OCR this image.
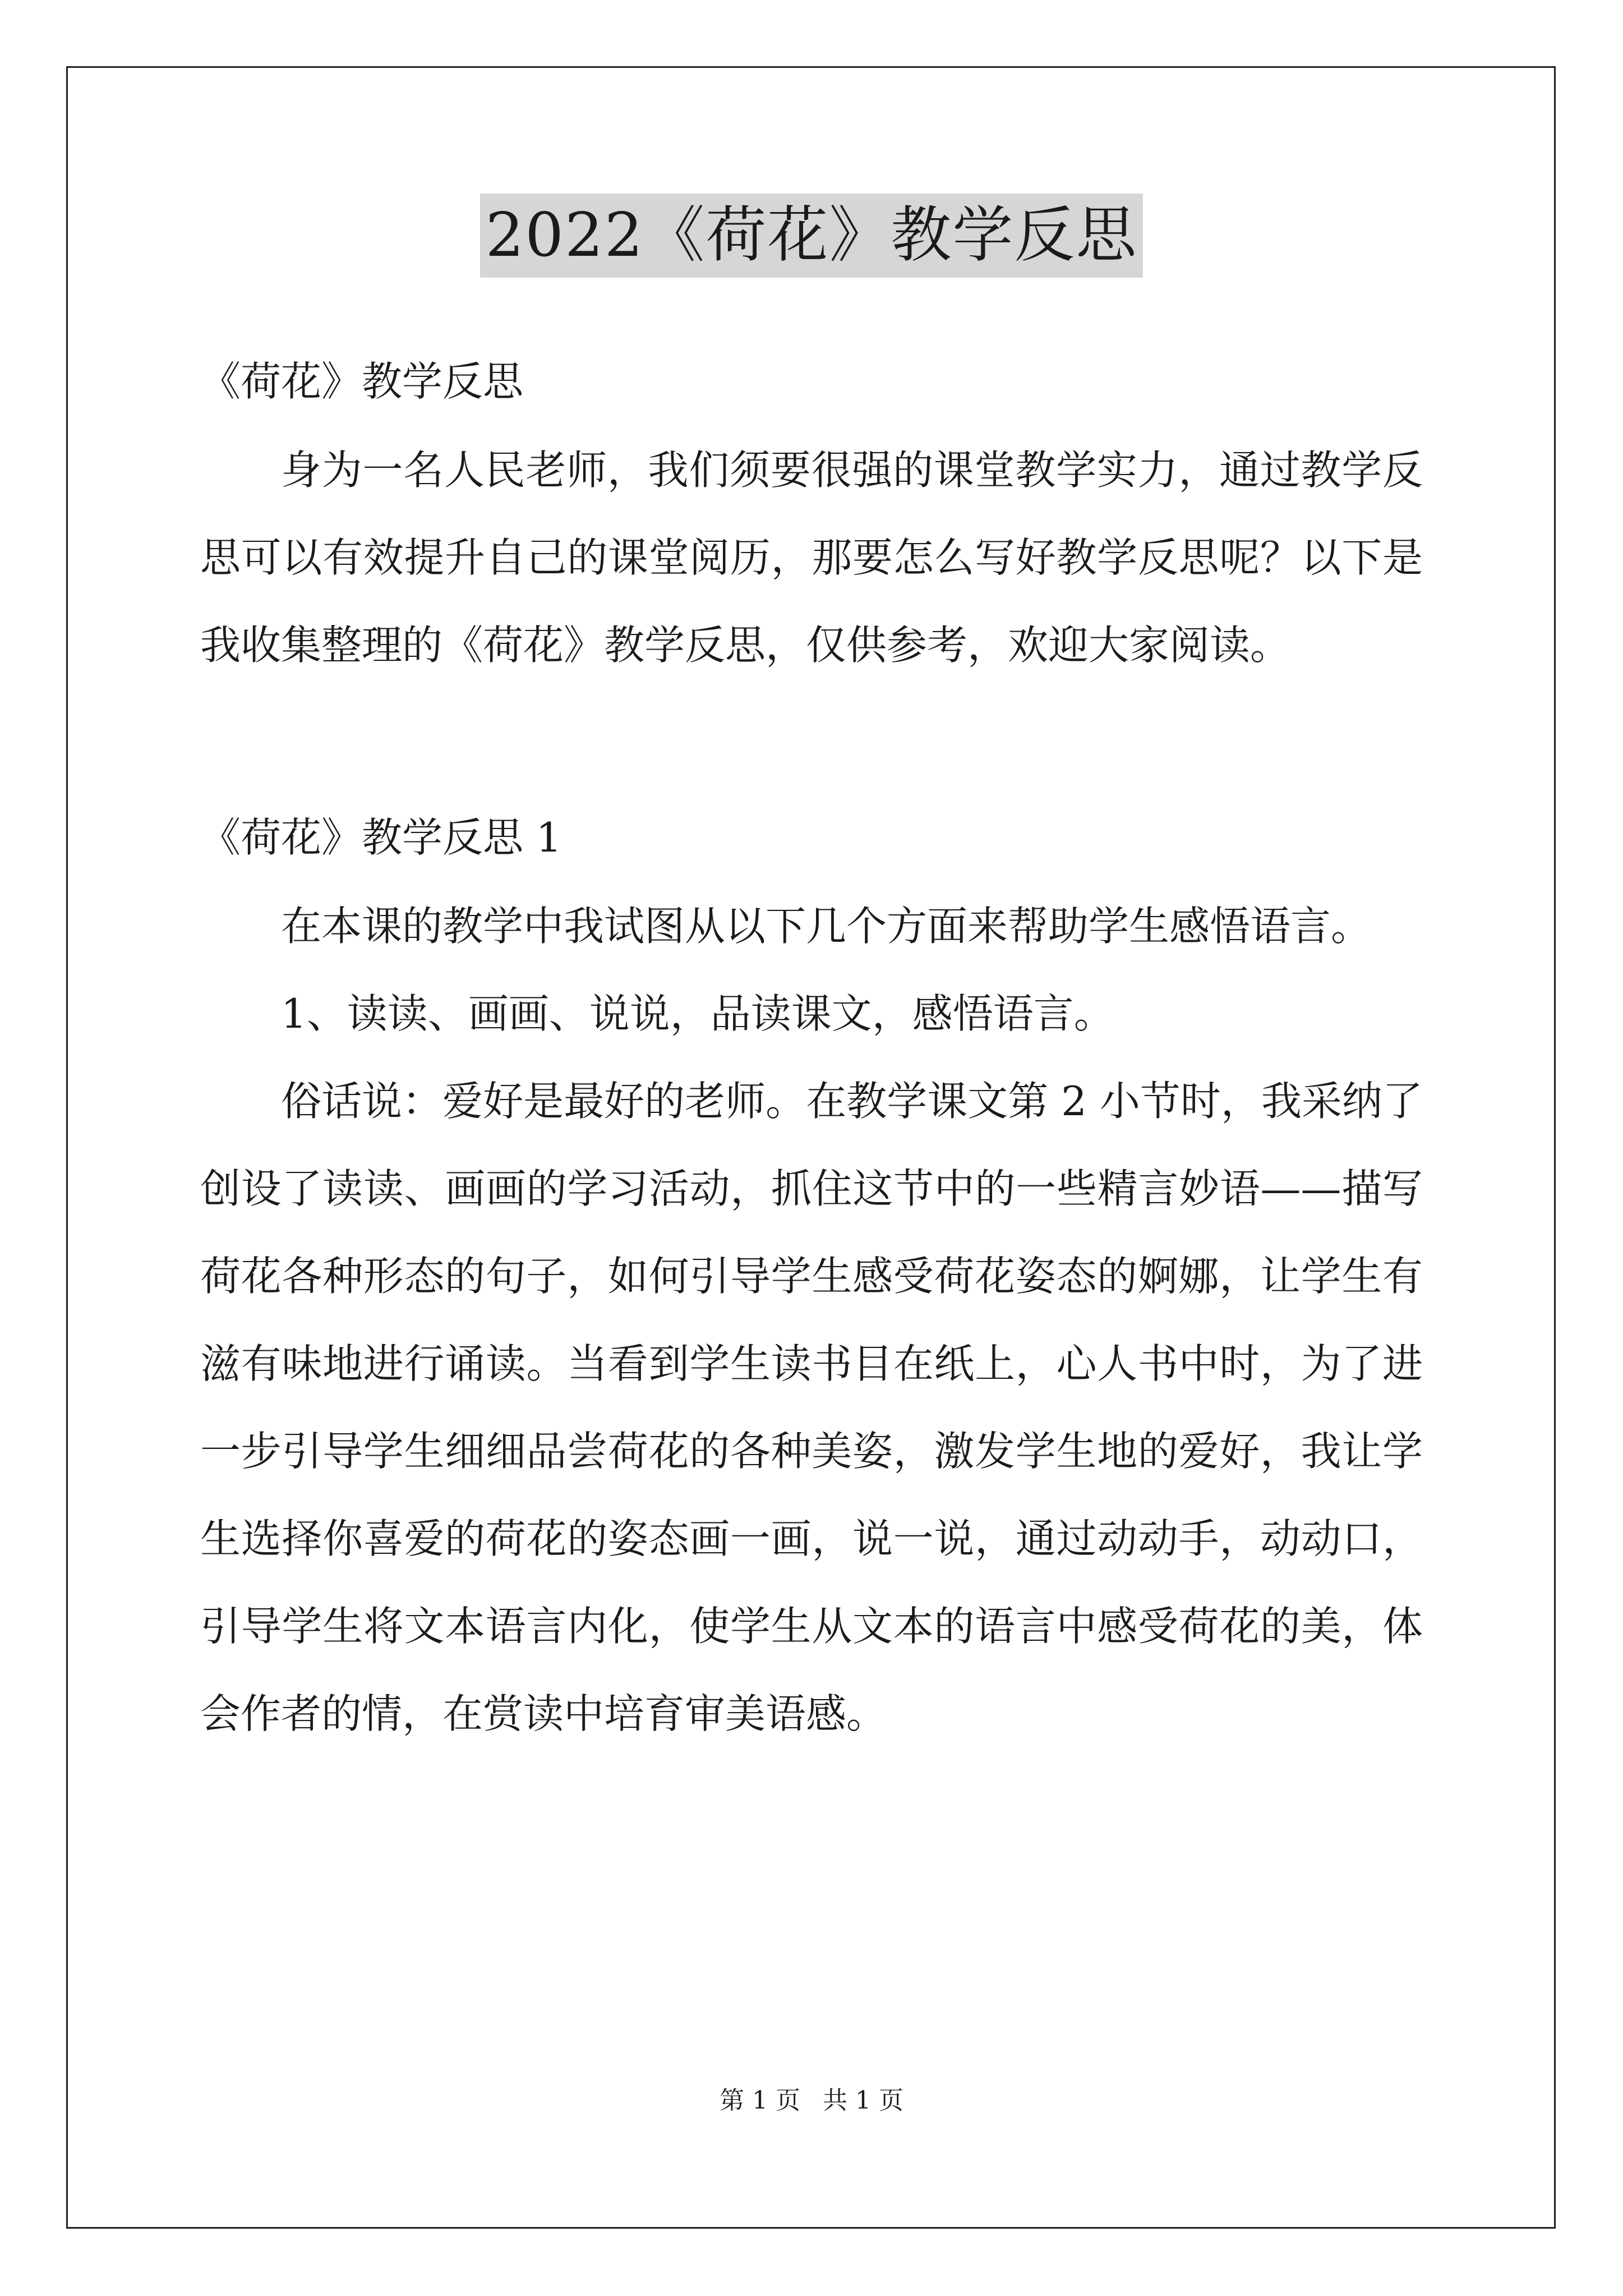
2022《荷花》教学反思

《荷花》教学反思

身为一名人民老师，我们须要很强的课堂教学实力，通过教学反思可以有效提升自己的课堂阅历，那要怎么写好教学反思呢？以下是我收集整理的《荷花》教学反思，仅供参考，欢迎大家阅读。

《荷花》教学反思 1

在本课的教学中我试图从以下几个方面来帮助学生感悟语言。

1、读读、画画、说说，品读课文，感悟语言。

俗话说：爱好是最好的老师。在教学课文第 2 小节时，我采纳了创设了读读、画画的学习活动，抓住这节中的一些精言妙语——描写荷花各种形态的句子，如何引导学生感受荷花姿态的婀娜，让学生有滋有味地进行诵读。当看到学生读书目在纸上，心人书中时，为了进一步引导学生细细品尝荷花的各种美姿，激发学生地的爱好，我让学生选择你喜爱的荷花的姿态画一画，说一说，通过动动手，动动口，引导学生将文本语言内化，使学生从文本的语言中感受荷花的美，体会作者的情，在赏读中培育审美语感。

第 1 页 共 1 页
